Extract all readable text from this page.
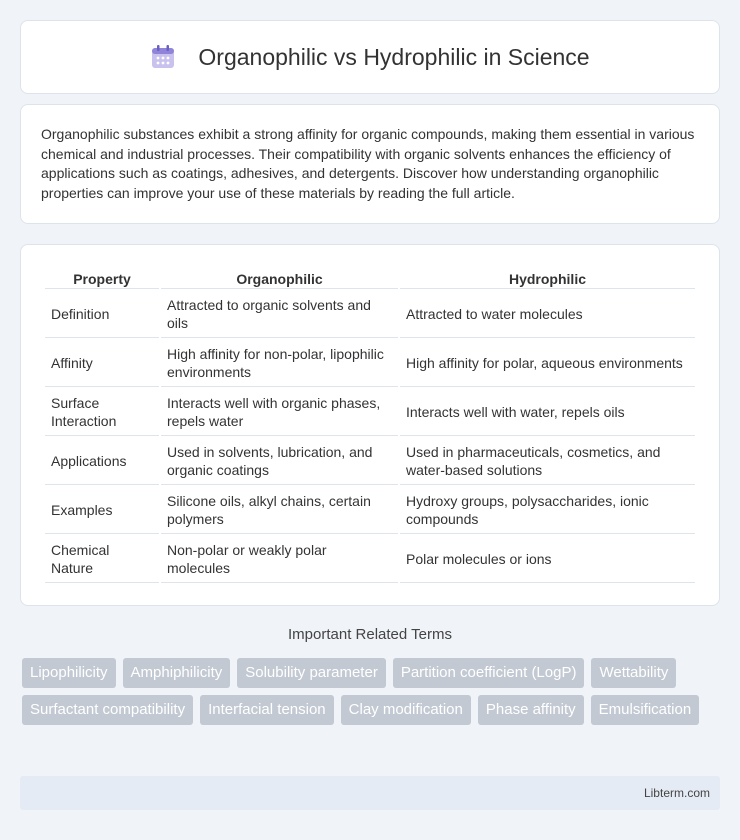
Organophilic vs Hydrophilic in Science

Organophilic substances exhibit a strong affinity for organic compounds, making them essential in various chemical and industrial processes. Their compatibility with organic solvents enhances the efficiency of applications such as coatings, adhesives, and detergents. Discover how understanding organophilic properties can improve your use of these materials by reading the full article.

Property	Organophilic	Hydrophilic
Definition	Attracted to organic solvents and oils	Attracted to water molecules
Affinity	High affinity for non-polar, lipophilic environments	High affinity for polar, aqueous environments
Surface Interaction	Interacts well with organic phases, repels water	Interacts well with water, repels oils
Applications	Used in solvents, lubrication, and organic coatings	Used in pharmaceuticals, cosmetics, and water-based solutions
Examples	Silicone oils, alkyl chains, certain polymers	Hydroxy groups, polysaccharides, ionic compounds
Chemical Nature	Non-polar or weakly polar molecules	Polar molecules or ions
Important Related Terms
Lipophilicity	Amphiphilicity	Solubility parameter	Partition coefficient (LogP)	Wettability
Surfactant compatibility	Interfacial tension	Clay modification	Phase affinity	Emulsification
Libterm.com
